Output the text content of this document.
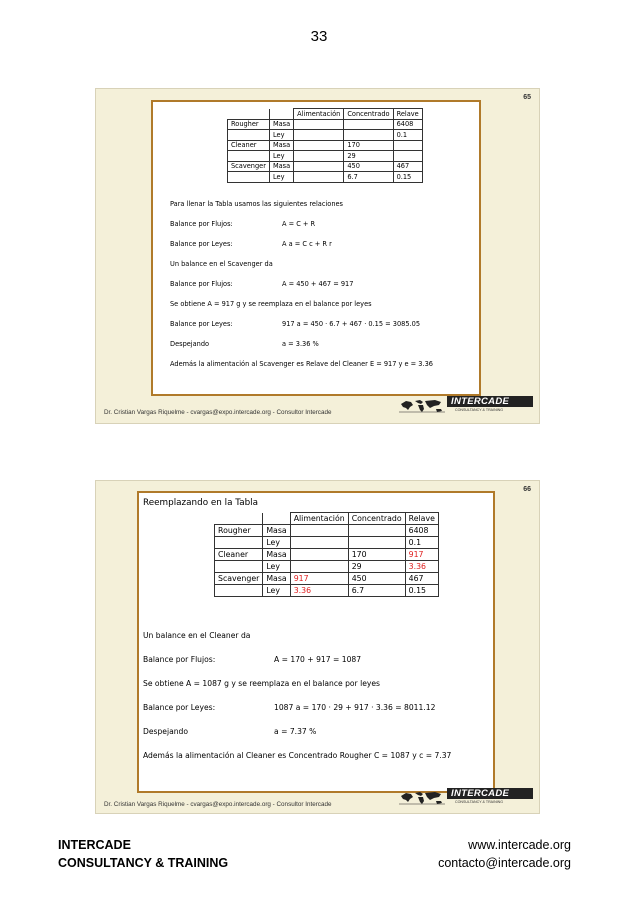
33
65
		Alimentación	Concentrado	Relave
Rougher	Masa			6408
	Ley			0.1
Cleaner	Masa		170	
	Ley		29	
Scavenger	Masa		450	467
	Ley		6.7	0.15
Para llenar la Tabla usamos las siguientes relaciones
Balance por Flujos:	A = C + R
Balance por Leyes:	A a = C c + R r
Un balance en el Scavenger da
Balance por Flujos:	A = 450 + 467 = 917
Se obtiene A = 917 g y se reemplaza en el balance por leyes
Balance por Leyes:	917 a = 450 · 6.7 + 467 · 0.15 = 3085.05
Despejando	a = 3.36 %
Además la alimentación al Scavenger es Relave del Cleaner E = 917 y e = 3.36
Dr. Cristian Vargas Riquelme - cvargas@expo.intercade.org - Consultor Intercade
INTERCADE
CONSULTANCY & TRAINING
66
Reemplazando en la Tabla
		Alimentación	Concentrado	Relave
Rougher	Masa			6408
	Ley			0.1
Cleaner	Masa		170	917
	Ley		29	3.36
Scavenger	Masa	917	450	467
	Ley	3.36	6.7	0.15
Un balance en el Cleaner da
Balance por Flujos:	A = 170 + 917 = 1087
Se obtiene A = 1087 g y se reemplaza en el balance por leyes
Balance por Leyes:	1087 a = 170 · 29 + 917 · 3.36 = 8011.12
Despejando	a = 7.37 %
Además la alimentación al Cleaner es Concentrado Rougher C = 1087 y c = 7.37
Dr. Cristian Vargas Riquelme - cvargas@expo.intercade.org - Consultor Intercade
INTERCADE
CONSULTANCY & TRAINING
INTERCADE
CONSULTANCY & TRAINING
www.intercade.org
contacto@intercade.org
